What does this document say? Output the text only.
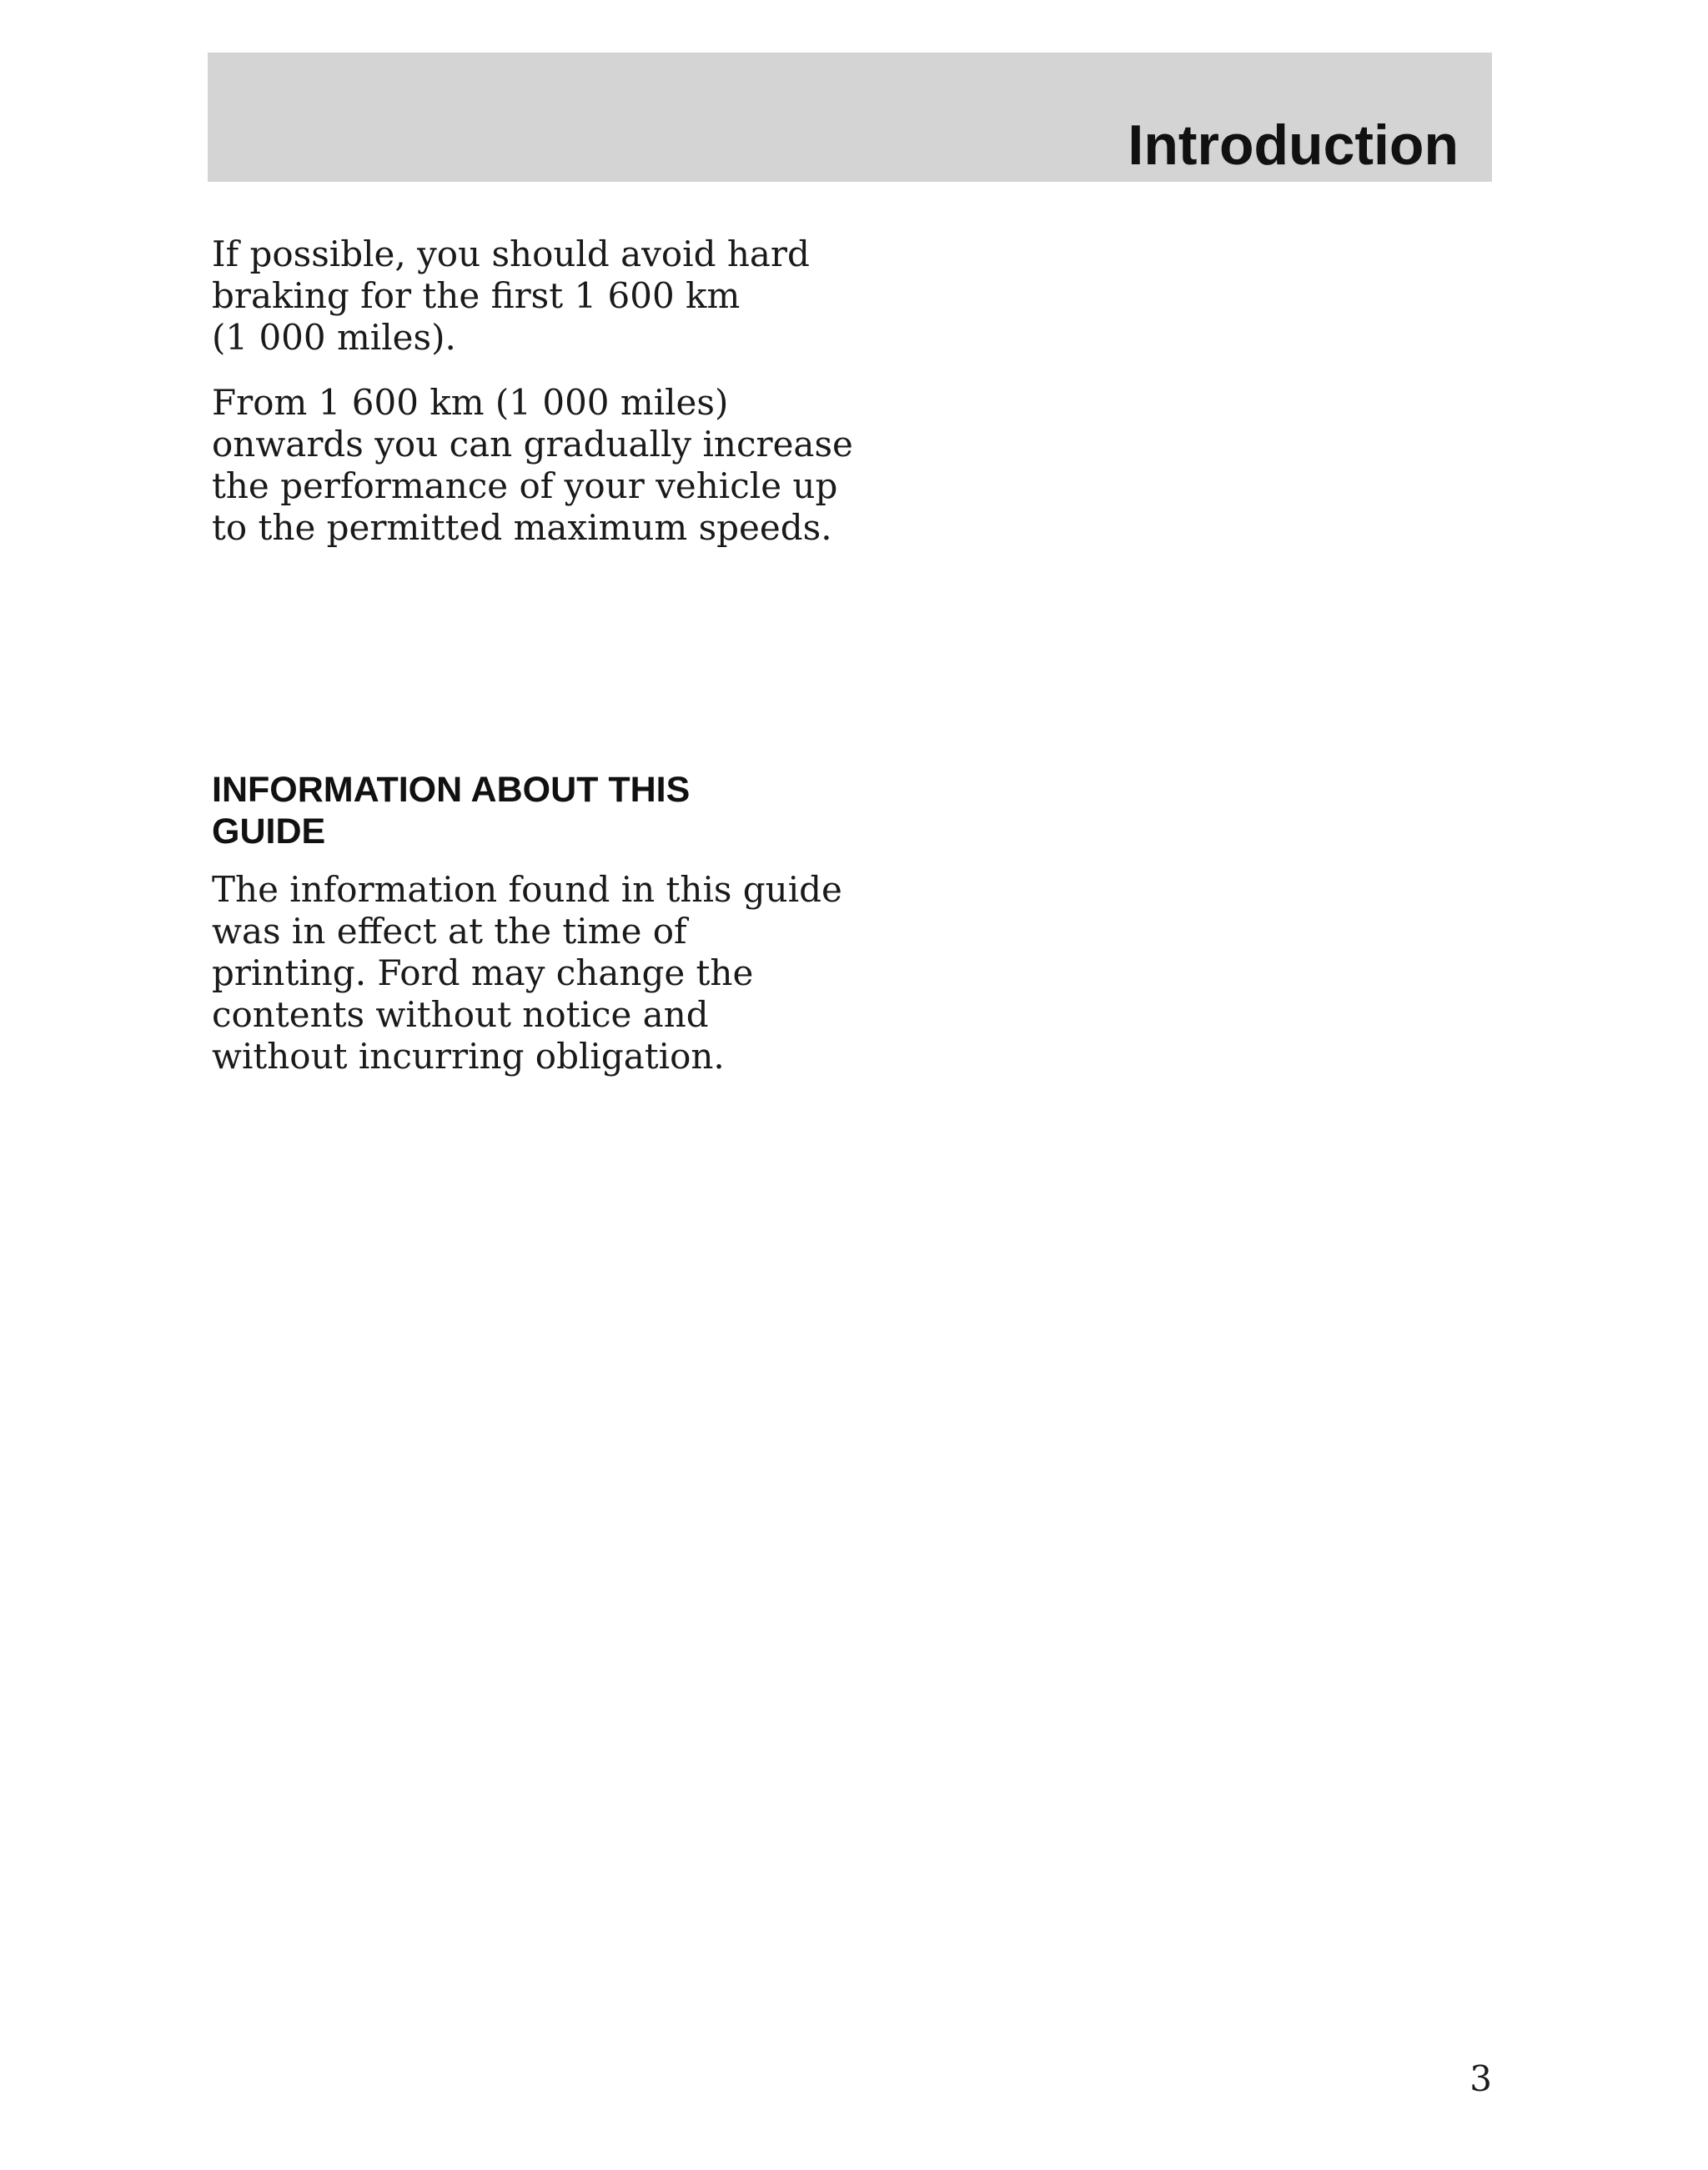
Introduction

If possible, you should avoid hard
braking for the first 1 600 km
(1 000 miles).

From 1 600 km (1 000 miles)
onwards you can gradually increase
the performance of your vehicle up
to the permitted maximum speeds.

INFORMATION ABOUT THIS
GUIDE

The information found in this guide
was in effect at the time of
printing. Ford may change the
contents without notice and
without incurring obligation.

3
